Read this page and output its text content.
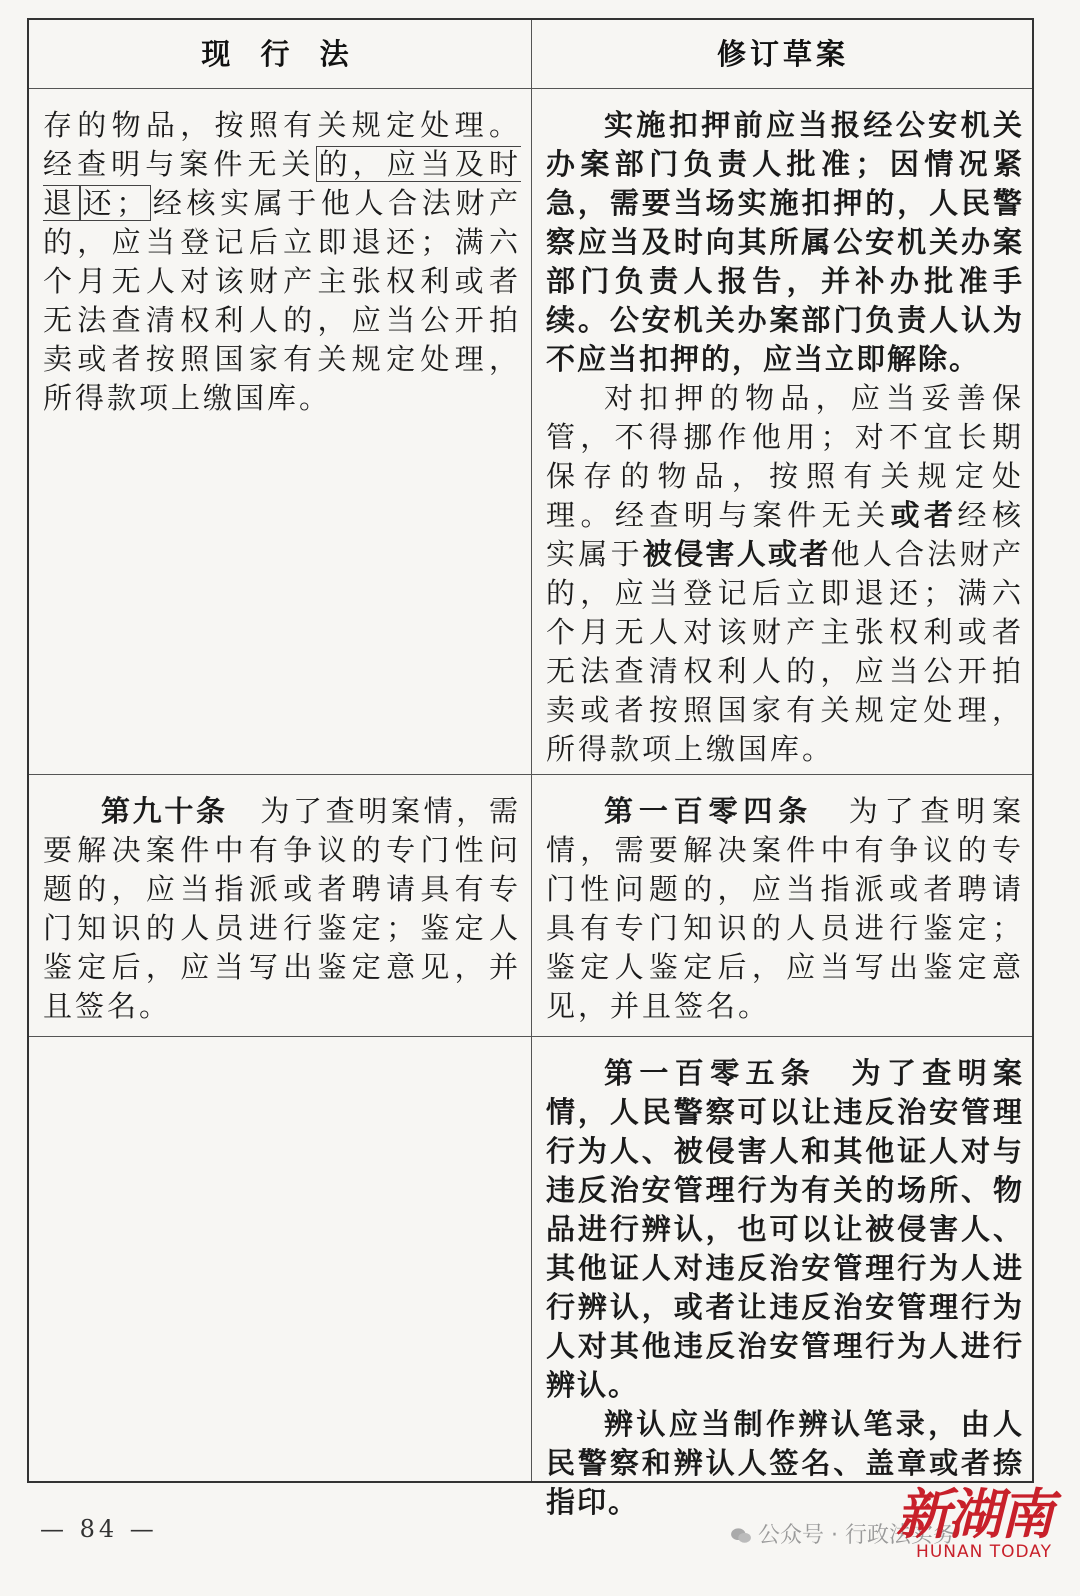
现 行 法	修订草案

存的物品，按照有关规定处理。经查明与案件无关 的，应当及时退 还； 经核实属于他人合法财产的，应当登记后立即退还；满六个月无人对该财产主张权利或者无法查清权利人的，应当公开拍卖或者按照国家有关规定处理，所得款项上缴国库。

实施扣押前应当报经公安机关办案部门负责人批准；因情况紧急，需要当场实施扣押的，人民警察应当及时向其所属公安机关办案部门负责人报告，并补办批准手续。公安机关办案部门负责人认为不应当扣押的，应当立即解除。

对扣押的物品，应当妥善保管，不得挪作他用；对不宜长期保存的物品，按照有关规定处理。经查明与案件无关或者经核实属于被侵害人或者他人合法财产的，应当登记后立即退还；满六个月无人对该财产主张权利或者无法查清权利人的，应当公开拍卖或者按照国家有关规定处理，所得款项上缴国库。

第九十条　 为了查明案情，需要解决案件中有争议的专门性问题的，应当指派或者聘请具有专门知识的人员进行鉴定；鉴定人鉴定后，应当写出鉴定意见，并且签名。

第一百零四条　 为了查明案情，需要解决案件中有争议的专门性问题的，应当指派或者聘请具有专门知识的人员进行鉴定；鉴定人鉴定后，应当写出鉴定意见，并且签名。

第一百零五条　为了查明案情，人民警察可以让违反治安管理行为人、被侵害人和其他证人对与违反治安管理行为有关的场所、物品进行辨认，也可以让被侵害人、其他证人对违反治安管理行为人进行辨认，或者让违反治安管理行为人对其他违反治安管理行为人进行辨认。

辨认应当制作辨认笔录，由人民警察和辨认人签名、盖章或者捺指印。

— 84 —	公众号 · 行政法实务
新湖南
HUNAN TODAY
